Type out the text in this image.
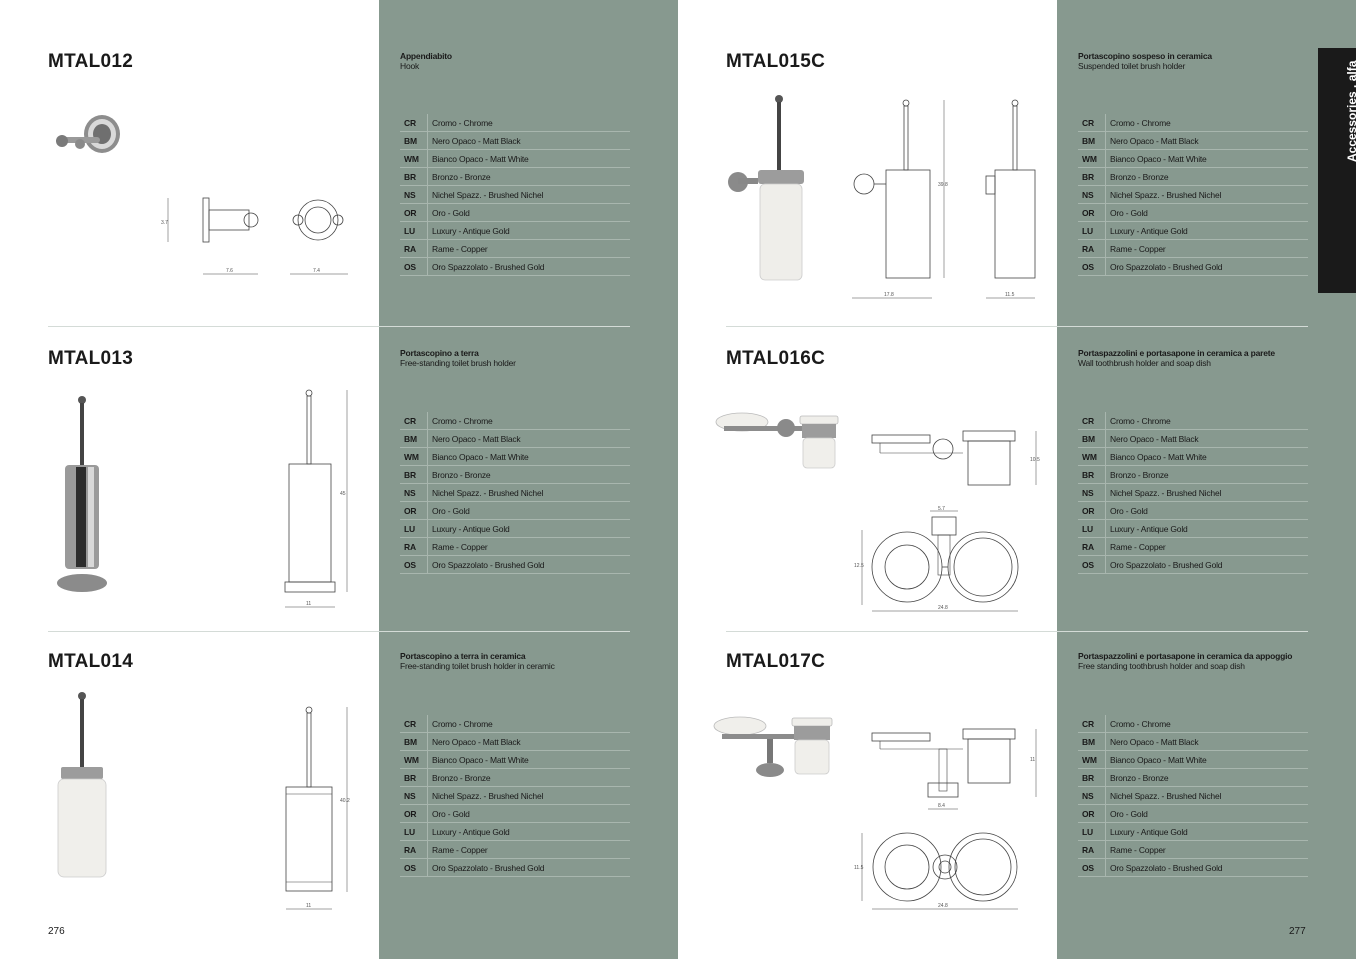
MTAL012	Appendiabito
Hook
CR	Cromo - Chrome
BM	Nero Opaco - Matt Black
WM	Bianco Opaco - Matt White
BR	Bronzo - Bronze
NS	Nichel Spazz. - Brushed Nichel
OR	Oro - Gold
LU	Luxury - Antique Gold
RA	Rame - Copper
OS	Oro Spazzolato - Brushed Gold
7.6	7.4
3.7
MTAL013	Portascopino a terra
Free-standing toilet brush holder
CR	Cromo - Chrome
BM	Nero Opaco - Matt Black
WM	Bianco Opaco - Matt White
BR	Bronzo - Bronze
NS	Nichel Spazz. - Brushed Nichel
OR	Oro - Gold
LU	Luxury - Antique Gold
RA	Rame - Copper
OS	Oro Spazzolato - Brushed Gold
11
45
MTAL014	Portascopino a terra in ceramica
Free-standing toilet brush holder in ceramic
CR	Cromo - Chrome
BM	Nero Opaco - Matt Black
WM	Bianco Opaco - Matt White
BR	Bronzo - Bronze
NS	Nichel Spazz. - Brushed Nichel
OR	Oro - Gold
LU	Luxury - Antique Gold
RA	Rame - Copper
OS	Oro Spazzolato - Brushed Gold
11
40.2
276
Accessories . alfa
MTAL015C	Portascopino sospeso in ceramica
Suspended toilet brush holder
CR	Cromo - Chrome
BM	Nero Opaco - Matt Black
WM	Bianco Opaco - Matt White
BR	Bronzo - Bronze
NS	Nichel Spazz. - Brushed Nichel
OR	Oro - Gold
LU	Luxury - Antique Gold
RA	Rame - Copper
OS	Oro Spazzolato - Brushed Gold
17.8
39.8
11.5
MTAL016C	Portaspazzolini e portasapone in ceramica a parete
Wall toothbrush holder and soap dish
CR	Cromo - Chrome
BM	Nero Opaco - Matt Black
WM	Bianco Opaco - Matt White
BR	Bronzo - Bronze
NS	Nichel Spazz. - Brushed Nichel
OR	Oro - Gold
LU	Luxury - Antique Gold
RA	Rame - Copper
OS	Oro Spazzolato - Brushed Gold
10.5
5.7
12.5
24.8
MTAL017C	Portaspazzolini e portasapone in ceramica da appoggio
Free standing toothbrush holder and soap dish
CR	Cromo - Chrome
BM	Nero Opaco - Matt Black
WM	Bianco Opaco - Matt White
BR	Bronzo - Bronze
NS	Nichel Spazz. - Brushed Nichel
OR	Oro - Gold
LU	Luxury - Antique Gold
RA	Rame - Copper
OS	Oro Spazzolato - Brushed Gold
11
8.4
11.5
24.8
277
